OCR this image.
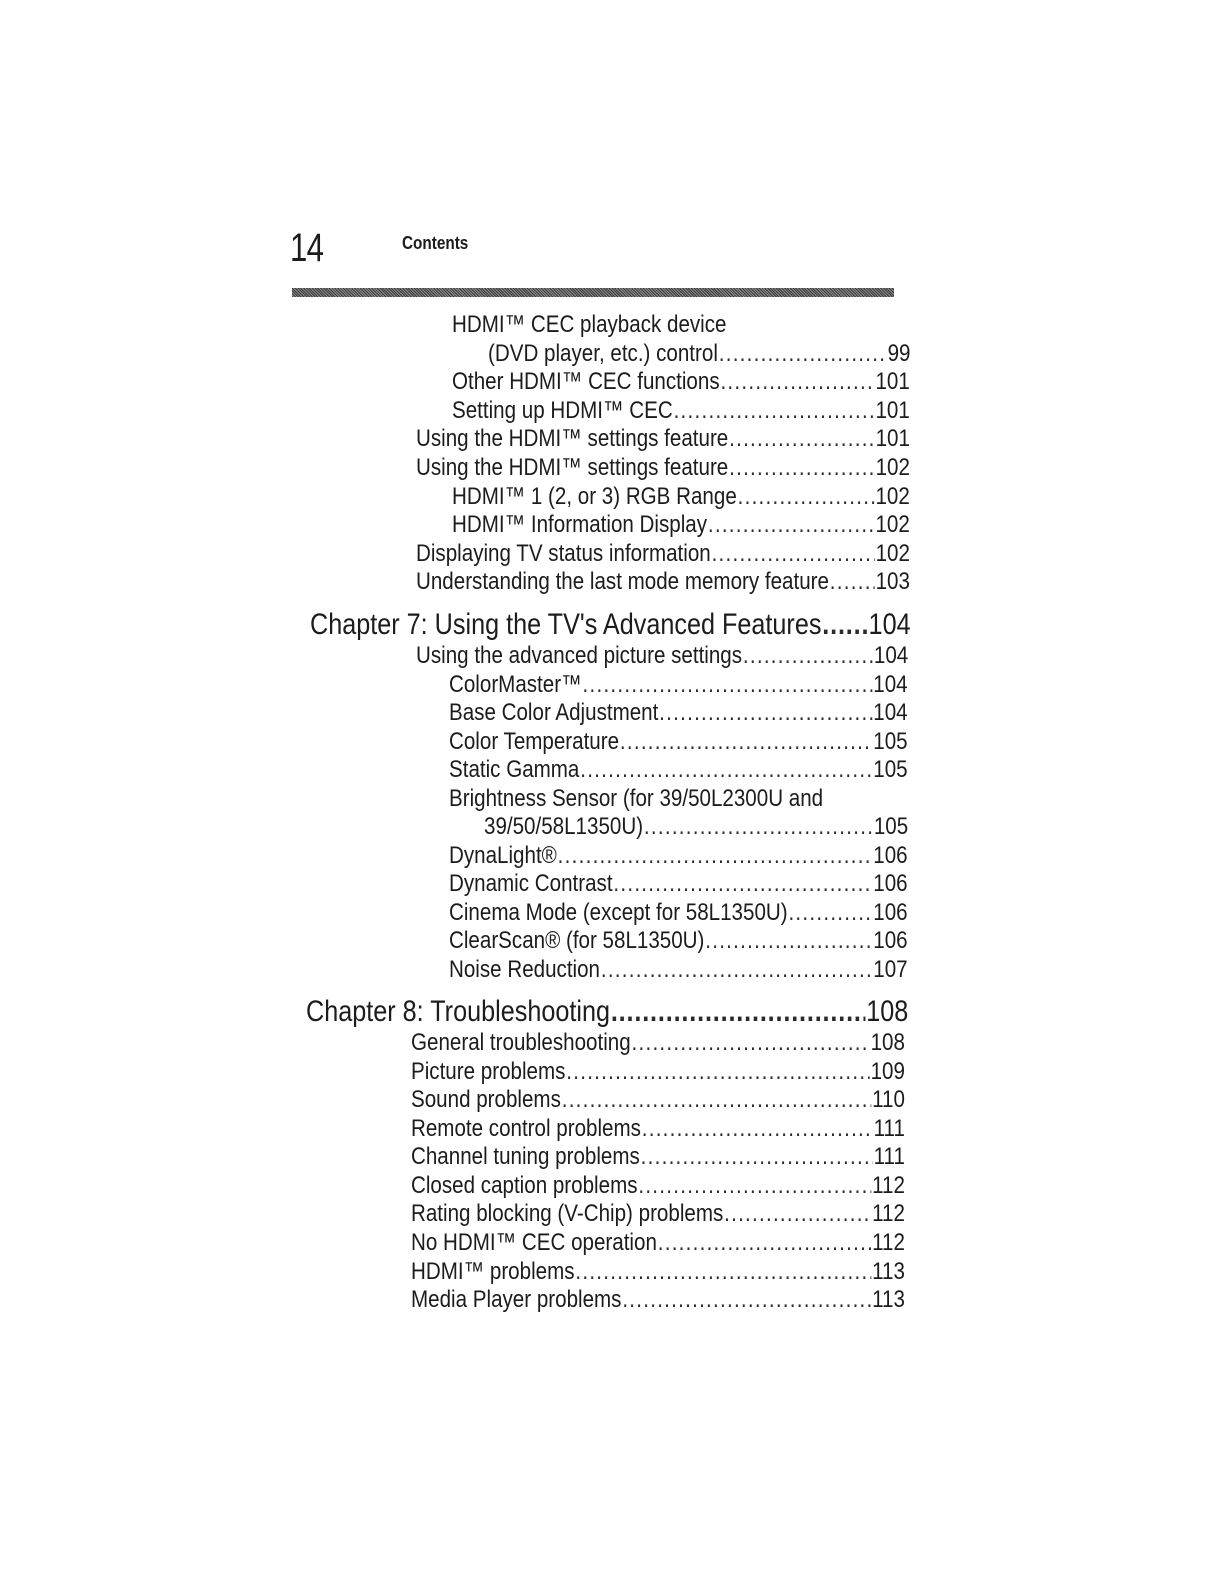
14	Contents
HDMI™ CEC playback device
(DVD player, etc.) control .....	99
Other HDMI™ CEC functions .....	101
Setting up HDMI™ CEC .....	101
Using the HDMI™ settings feature .....	101
Using the HDMI™ settings feature .....	102
HDMI™ 1 (2, or 3) RGB Range .....	102
HDMI™ Information Display .....	102
Displaying TV status information .....	102
Understanding the last mode memory feature ..... 103
Chapter 7: Using the TV's Advanced Features ..... 104
Using the advanced picture settings .....	104
ColorMaster™ .....	104
Base Color Adjustment .....	104
Color Temperature .....	105
Static Gamma .....	105
Brightness Sensor (for 39/50L2300U and
39/50/58L1350U) .....	105
DynaLight® .....	106
Dynamic Contrast .....	106
Cinema Mode (except for 58L1350U) .....	106
ClearScan® (for 58L1350U) .....	106
Noise Reduction .....	107
Chapter 8: Troubleshooting .....	108
General troubleshooting .....	108
Picture problems .....	109
Sound problems .....	110
Remote control problems .....	111
Channel tuning problems .....	111
Closed caption problems .....	112
Rating blocking (V-Chip) problems .....	112
No HDMI™ CEC operation .....	112
HDMI™ problems .....	113
Media Player problems .....	113
